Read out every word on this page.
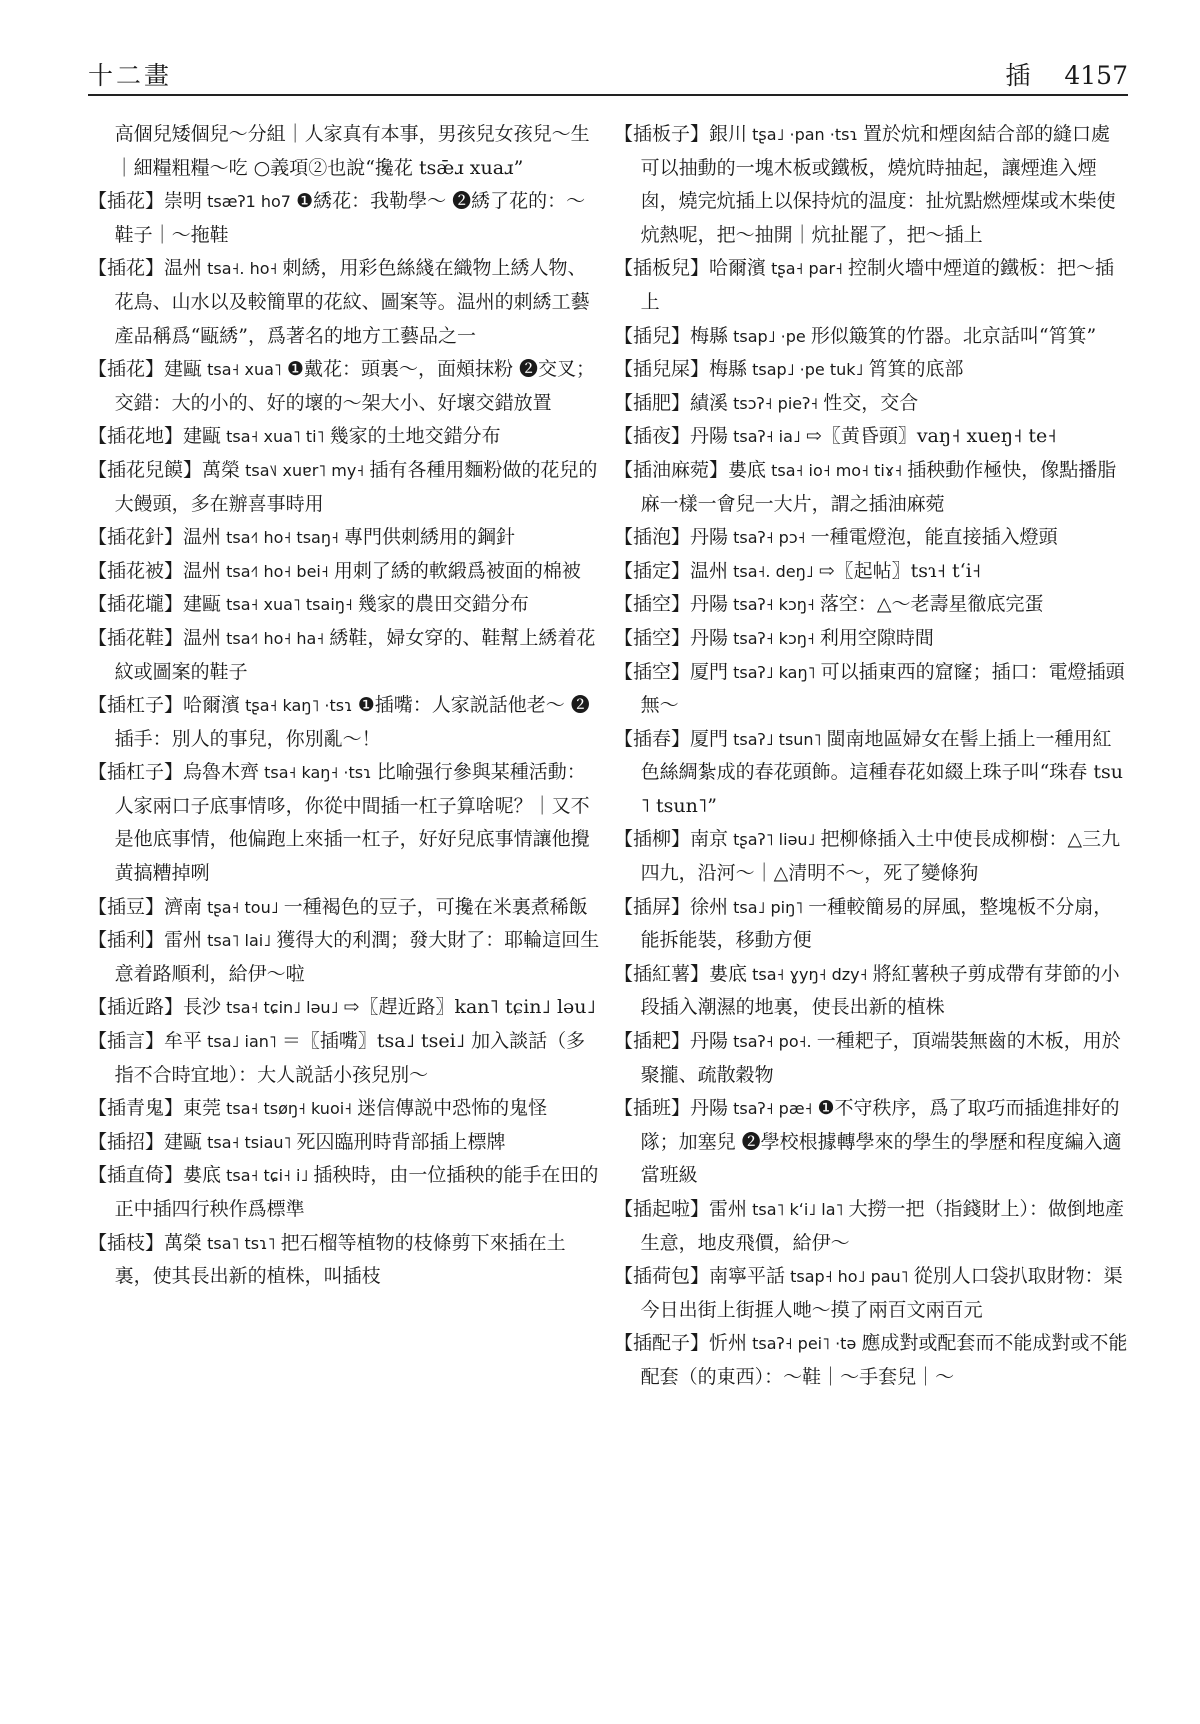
十二畫	插 4157

高個兒矮個兒～分組｜人家真有本事，男孩兒女孩兒～生｜細糧粗糧～吃 ○義項②也說“攙花 tsǣɹ xuaɹ”

【插花】崇明 tsæʔ1 ho7 ❶綉花：我勒學～ ❷綉了花的：～鞋子｜～拖鞋

【插花】温州 tsa˧. ho˧ 刺綉，用彩色絲綫在織物上綉人物、花鳥、山水以及較簡單的花紋、圖案等。温州的刺綉工藝產品稱爲“甌綉”，爲著名的地方工藝品之一

【插花】建甌 tsa˧ xua˥ ❶戴花：頭裏～，面頰抹粉 ❷交叉；交錯：大的小的、好的壞的～架大小、好壞交錯放置

【插花地】建甌 tsa˧ xua˥ ti˥ 幾家的土地交錯分布

【插花兒饃】萬榮 tsa˥˩ xuɐr˥ my˧ 插有各種用麵粉做的花兒的大饅頭，多在辦喜事時用

【插花針】温州 tsa˧˥ ho˧ tsaŋ˧ 專門供刺綉用的鋼針

【插花被】温州 tsa˧˥ ho˧ bei˧ 用刺了綉的軟緞爲被面的棉被

【插花壠】建甌 tsa˧ xua˥ tsaiŋ˧ 幾家的農田交錯分布

【插花鞋】温州 tsa˧˥ ho˧ ha˧ 綉鞋，婦女穿的、鞋幫上綉着花紋或圖案的鞋子

【插杠子】哈爾濱 tʂa˧ kaŋ˥ ·tsɿ ❶插嘴：人家説話他老～ ❷插手：別人的事兒，你別亂～！

【插杠子】烏魯木齊 tsa˧ kaŋ˧ ·tsɿ 比喻强行參與某種活動：人家兩口子底事情哆，你從中間插一杠子算啥呢？｜又不是他底事情，他偏跑上來插一杠子，好好兒底事情讓他攪黄搞糟掉咧

【插豆】濟南 tʂa˧ tou˩ 一種褐色的豆子，可攙在米裏煮稀飯

【插利】雷州 tsa˥ lai˩ 獲得大的利潤；發大財了：耶輪這回生意着路順利，給伊～啦

【插近路】長沙 tsa˧ tɕin˩ ləu˩ ⇨〖趕近路〗kan˥ tɕin˩ ləu˩

【插言】牟平 tsa˩ ian˥ ＝〖插嘴〗tsa˩ tsei˩ 加入談話（多指不合時宜地）：大人説話小孩兒別～

【插青鬼】東莞 tsa˧ tsøŋ˧ kuoi˧ 迷信傳説中恐怖的鬼怪

【插招】建甌 tsa˧ tsiau˥ 死囚臨刑時背部插上標牌

【插直倚】婁底 tsa˧ tɕi˧ i˩ 插秧時，由一位插秧的能手在田的正中插四行秧作爲標準

【插枝】萬榮 tsa˥ tsɿ˥ 把石榴等植物的枝條剪下來插在土裏，使其長出新的植株，叫插枝

【插板子】銀川 tʂa˩ ·pan ·tsɿ 置於炕和煙囱結合部的縫口處可以抽動的一塊木板或鐵板，燒炕時抽起，讓煙進入煙囱，燒完炕插上以保持炕的温度：扯炕點燃煙煤或木柴使炕熱呢，把～抽開｜炕扯罷了，把～插上

【插板兒】哈爾濱 tʂa˧ par˧ 控制火墻中煙道的鐵板：把～插上

【插兒】梅縣 tsap˩ ·pe 形似簸箕的竹器。北京話叫“筲箕”

【插兒屎】梅縣 tsap˩ ·pe tuk˩ 筲箕的底部

【插肥】績溪 tsɔʔ˧ pieʔ˧ 性交，交合

【插夜】丹陽 tsaʔ˧ ia˩ ⇨〖黄昏頭〗vaŋ˧ xueŋ˧ te˧

【插油麻菀】婁底 tsa˧ io˧ mo˧ tiɤ˧ 插秧動作極快，像點播脂麻一樣一會兒一大片，謂之插油麻菀

【插泡】丹陽 tsaʔ˧ pɔ˧ 一種電燈泡，能直接插入燈頭

【插定】温州 tsa˧. deŋ˩ ⇨〖起帖〗tsɿ˧ tʻi˧

【插空】丹陽 tsaʔ˧ kɔŋ˧ 落空：△～老壽星徹底完蛋

【插空】丹陽 tsaʔ˧ kɔŋ˧ 利用空隙時間

【插空】厦門 tsaʔ˩ kaŋ˥ 可以插東西的窟窿；插口：電燈插頭無～

【插春】厦門 tsaʔ˩ tsun˥ 閩南地區婦女在髻上插上一種用紅色絲綢紮成的春花頭飾。這種春花如綴上珠子叫“珠春 tsu˥ tsun˥”

【插柳】南京 tʂaʔ˥ liəu˩ 把柳條插入土中使長成柳樹：△三九四九，沿河～｜△清明不～，死了變條狗

【插屏】徐州 tsa˩ piŋ˥ 一種較簡易的屏風，整塊板不分扇，能拆能裝，移動方便

【插紅薯】婁底 tsa˧ ɣyŋ˧ dzy˧ 將紅薯秧子剪成帶有芽節的小段插入潮濕的地裏，使長出新的植株

【插耙】丹陽 tsaʔ˧ po˧. 一種耙子，頂端裝無齒的木板，用於聚攏、疏散穀物

【插班】丹陽 tsaʔ˧ pæ˧ ❶不守秩序，爲了取巧而插進排好的隊；加塞兒 ❷學校根據轉學來的學生的學歷和程度編入適當班級

【插起啦】雷州 tsa˥ kʻi˩ la˥ 大撈一把（指錢財上）：做倒地產生意，地皮飛價，給伊～

【插荷包】南寧平話 tsap˧ ho˩ pau˥ 從別人口袋扒取財物：渠今日出街上街捱人哋～摸了兩百文兩百元

【插配子】忻州 tsaʔ˧ pei˥ ·tə 應成對或配套而不能成對或不能配套（的東西）：～鞋｜～手套兒｜～
